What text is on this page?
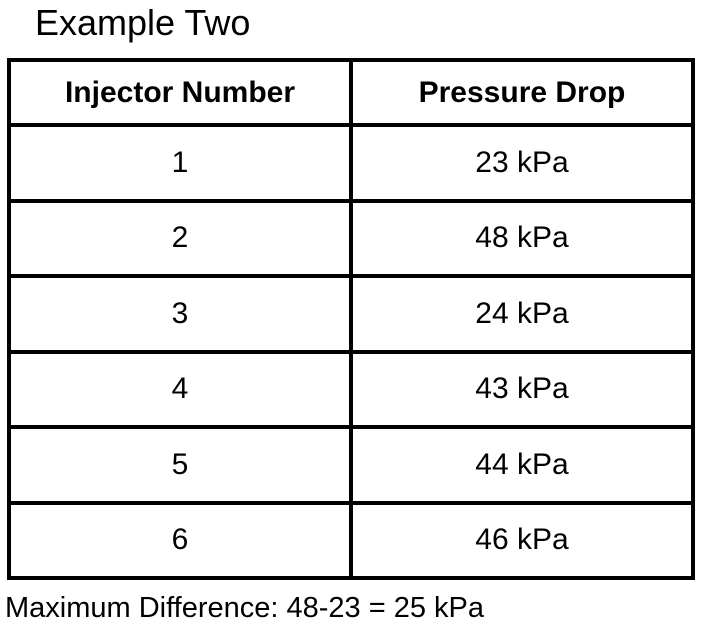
Example Two
Injector Number	Pressure Drop
1	23 kPa
2	48 kPa
3	24 kPa
4	43 kPa
5	44 kPa
6	46 kPa
Maximum Difference: 48-23 = 25 kPa
